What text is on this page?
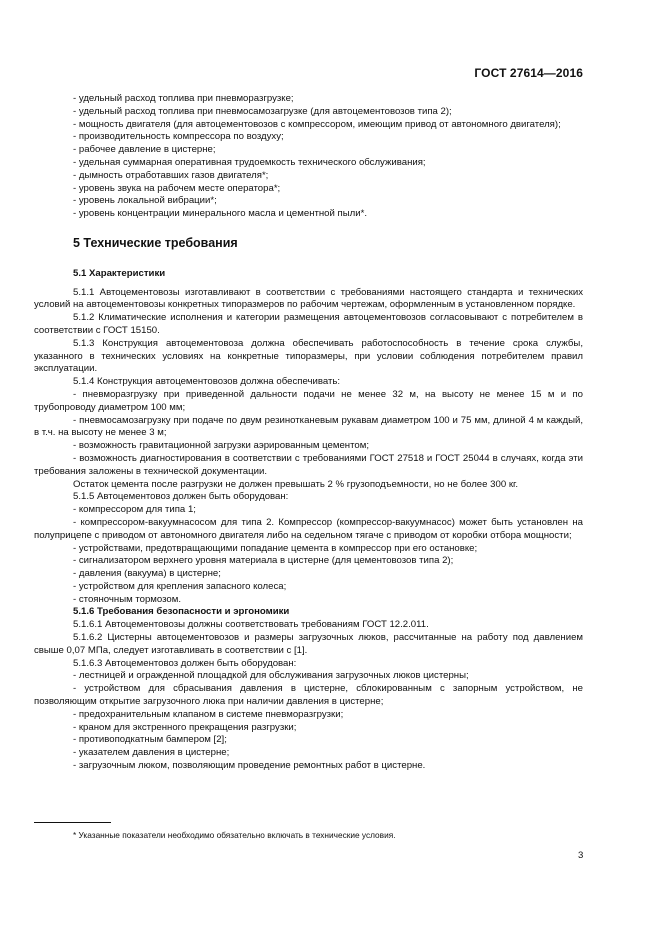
ГОСТ 27614—2016

- удельный расход топлива при пневморазгрузке;

- удельный расход топлива при пневмосамозагрузке (для автоцементовозов типа 2);

- мощность двигателя (для автоцементовозов с компрессором, имеющим привод от автономного двигателя);

- производительность компрессора по воздуху;

- рабочее давление в цистерне;

- удельная суммарная оперативная трудоемкость технического обслуживания;

- дымность отработавших газов двигателя*;

- уровень звука на рабочем месте оператора*;

- уровень локальной вибрации*;

- уровень концентрации минерального масла и цементной пыли*.

5 Технические требования
5.1 Характеристики

5.1.1 Автоцементовозы изготавливают в соответствии с требованиями настоящего стандарта и технических условий на автоцементовозы конкретных типоразмеров по рабочим чертежам, оформленным в установленном порядке.

5.1.2 Климатические исполнения и категории размещения автоцементовозов согласовывают с потребителем в соответствии с ГОСТ 15150.

5.1.3 Конструкция автоцементовоза должна обеспечивать работоспособность в течение срока службы, указанного в технических условиях на конкретные типоразмеры, при условии соблюдения потребителем правил эксплуатации.

5.1.4 Конструкция автоцементовозов должна обеспечивать:

- пневморазгрузку при приведенной дальности подачи не менее 32 м, на высоту не менее 15 м и по трубопроводу диаметром 100 мм;

- пневмосамозагрузку при подаче по двум резинотканевым рукавам диаметром 100 и 75 мм, длиной 4 м каждый, в т.ч. на высоту не менее 3 м;

- возможность гравитационной загрузки аэрированным цементом;

- возможность диагностирования в соответствии с требованиями ГОСТ 27518 и ГОСТ 25044 в случаях, когда эти требования заложены в технической документации.

Остаток цемента после разгрузки не должен превышать 2 % грузоподъемности, но не более 300 кг.

5.1.5 Автоцементовоз должен быть оборудован:

- компрессором для типа 1;

- компрессором-вакуумнасосом для типа 2. Компрессор (компрессор-вакуумнасос) может быть установлен на полуприцепе с приводом от автономного двигателя либо на седельном тягаче с приводом от коробки отбора мощности;

- устройствами, предотвращающими попадание цемента в компрессор при его остановке;

- сигнализатором верхнего уровня материала в цистерне (для цементовозов типа 2);

- давления (вакуума) в цистерне;

- устройством для крепления запасного колеса;

- стояночным тормозом.

5.1.6 Требования безопасности и эргономики

5.1.6.1 Автоцементовозы должны соответствовать требованиям ГОСТ 12.2.011.

5.1.6.2 Цистерны автоцементовозов и размеры загрузочных люков, рассчитанные на работу под давлением свыше 0,07 МПа, следует изготавливать в соответствии с [1].

5.1.6.3 Автоцементовоз должен быть оборудован:

- лестницей и огражденной площадкой для обслуживания загрузочных люков цистерны;

- устройством для сбрасывания давления в цистерне, сблокированным с запорным устройством, не позволяющим открытие загрузочного люка при наличии давления в цистерне;

- предохранительным клапаном в системе пневморазгрузки;

- краном для экстренного прекращения разгрузки;

- противоподкатным бампером [2];

- указателем давления в цистерне;

- загрузочным люком, позволяющим проведение ремонтных работ в цистерне.

* Указанные показатели необходимо обязательно включать в технические условия.
3
